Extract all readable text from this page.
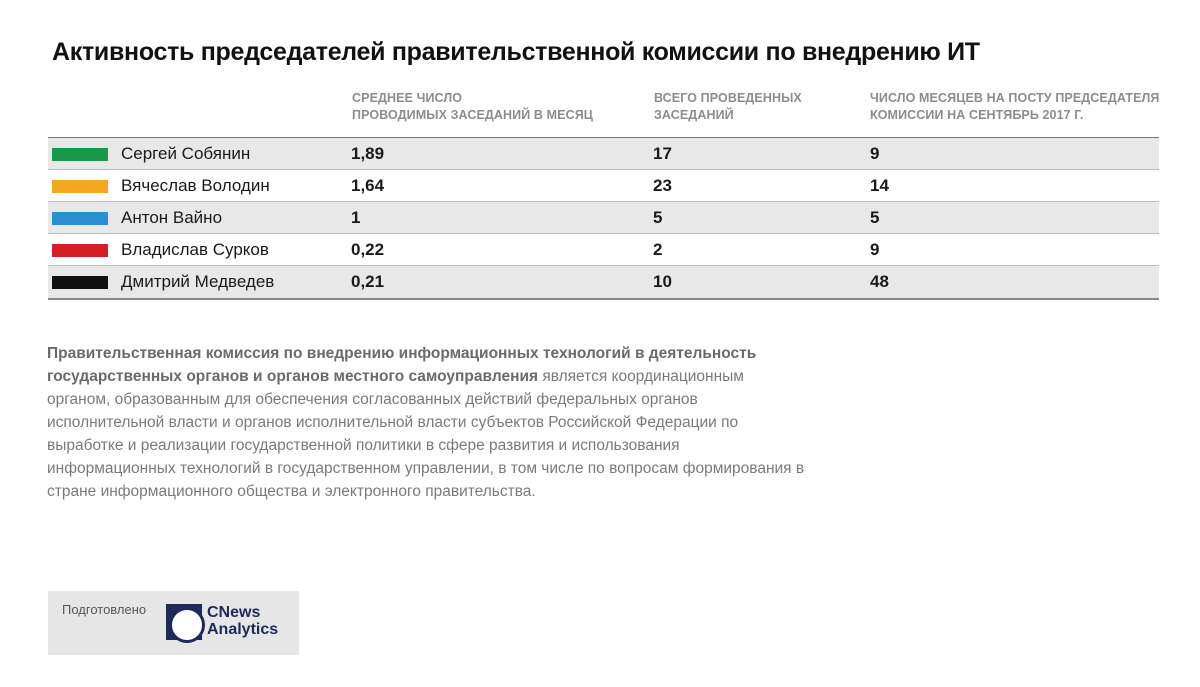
Активность председателей правительственной комиссии по внедрению ИТ
СРЕДНЕЕ ЧИСЛО
ПРОВОДИМЫХ ЗАСЕДАНИЙ В МЕСЯЦ
ВСЕГО ПРОВЕДЕННЫХ
ЗАСЕДАНИЙ
ЧИСЛО МЕСЯЦЕВ НА ПОСТУ ПРЕДСЕДАТЕЛЯ
КОМИССИИ НА СЕНТЯБРЬ 2017 Г.
Сергей Собянин	1,89	17	9
Вячеслав Володин	1,64	23	14
Антон Вайно	1	5	5
Владислав Сурков	0,22	2	9
Дмитрий Медведев	0,21	10	48
Правительственная комиссия по внедрению информационных технологий в деятельность государственных органов и органов местного самоуправления является координационным органом, образованным для обеспечения согласованных действий федеральных органов исполнительной власти и органов исполнительной власти субъектов Российской Федерации по выработке и реализации государственной политики в сфере развития и использования информационных технологий в государственном управлении, в том числе по вопросам формирования в стране информационного общества и электронного правительства.
Подготовлено	CNews
Analytics
